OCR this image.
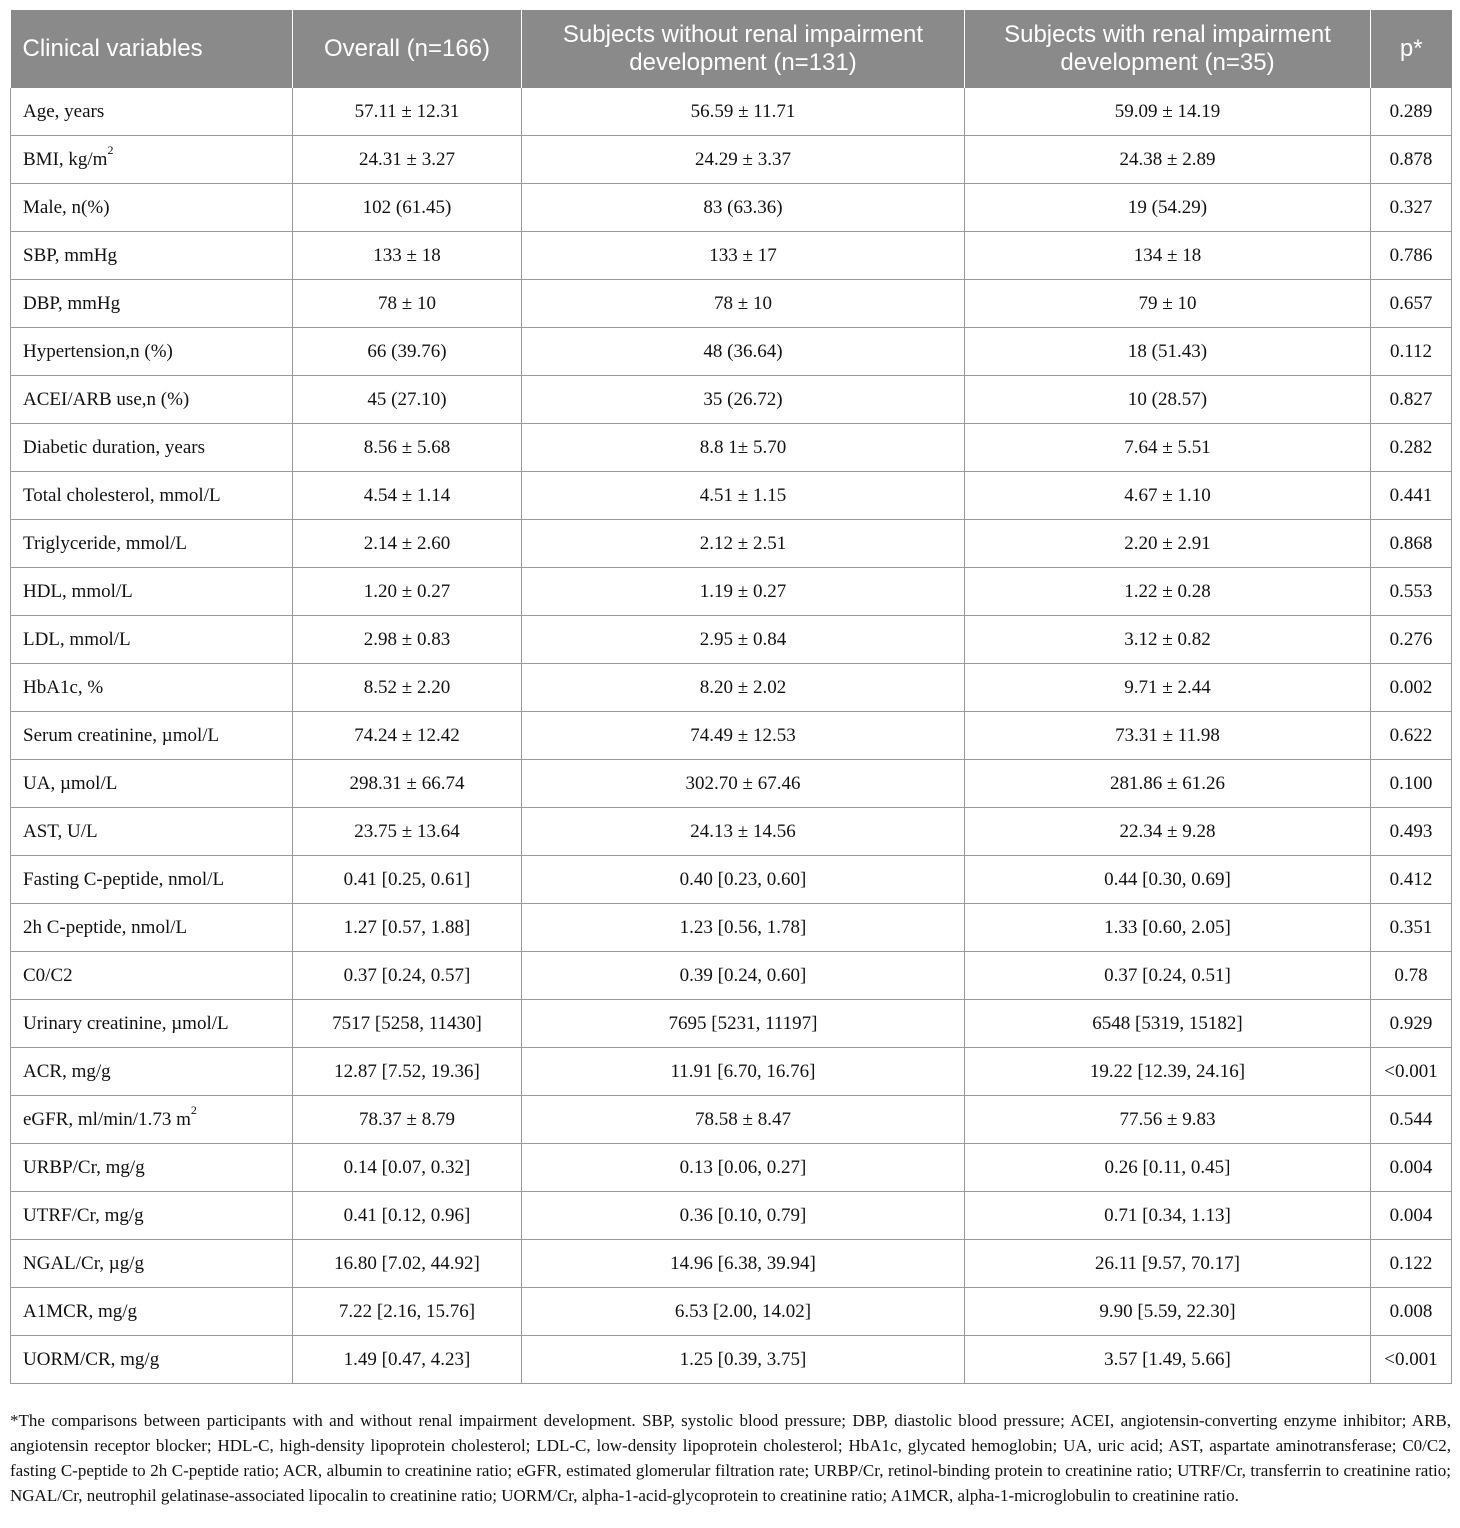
Clinical variables	Overall (n=166)	Subjects without renal impairment development (n=131)	Subjects with renal impairment development (n=35)	p*
Age, years	57.11 ± 12.31	56.59 ± 11.71	59.09 ± 14.19	0.289
BMI, $kg/m^2$	24.31 ± 3.27	24.29 ± 3.37	24.38 ± 2.89	0.878
Male, n(%)	102 (61.45)	83 (63.36)	19 (54.29)	0.327
SBP, mmHg	133 ± 18	133 ± 17	134 ± 18	0.786
DBP, mmHg	78 ± 10	78 ± 10	79 ± 10	0.657
Hypertension,n (%)	66 (39.76)	48 (36.64)	18 (51.43)	0.112
ACEI/ARB use,n (%)	45 (27.10)	35 (26.72)	10 (28.57)	0.827
Diabetic duration, years	8.56 ± 5.68	8.8 1± 5.70	7.64 ± 5.51	0.282
Total cholesterol, mmol/L	4.54 ± 1.14	4.51 ± 1.15	4.67 ± 1.10	0.441
Triglyceride, mmol/L	2.14 ± 2.60	2.12 ± 2.51	2.20 ± 2.91	0.868
HDL, mmol/L	1.20 ± 0.27	1.19 ± 0.27	1.22 ± 0.28	0.553
LDL, mmol/L	2.98 ± 0.83	2.95 ± 0.84	3.12 ± 0.82	0.276
HbA1c, %	8.52 ± 2.20	8.20 ± 2.02	9.71 ± 2.44	0.002
Serum creatinine, µmol/L	74.24 ± 12.42	74.49 ± 12.53	73.31 ± 11.98	0.622
UA, µmol/L	298.31 ± 66.74	302.70 ± 67.46	281.86 ± 61.26	0.100
AST, U/L	23.75 ± 13.64	24.13 ± 14.56	22.34 ± 9.28	0.493
Fasting C-peptide, nmol/L	0.41 [0.25, 0.61]	0.40 [0.23, 0.60]	0.44 [0.30, 0.69]	0.412
2h C-peptide, nmol/L	1.27 [0.57, 1.88]	1.23 [0.56, 1.78]	1.33 [0.60, 2.05]	0.351
C0/C2	0.37 [0.24, 0.57]	0.39 [0.24, 0.60]	0.37 [0.24, 0.51]	0.78
Urinary creatinine, µmol/L	7517 [5258, 11430]	7695 [5231, 11197]	6548 [5319, 15182]	0.929
ACR, mg/g	12.87 [7.52, 19.36]	11.91 [6.70, 16.76]	19.22 [12.39, 24.16]	<0.001
eGFR, ml/min/1.73 $m^2$	78.37 ± 8.79	78.58 ± 8.47	77.56 ± 9.83	0.544
URBP/Cr, mg/g	0.14 [0.07, 0.32]	0.13 [0.06, 0.27]	0.26 [0.11, 0.45]	0.004
UTRF/Cr, mg/g	0.41 [0.12, 0.96]	0.36 [0.10, 0.79]	0.71 [0.34, 1.13]	0.004
NGAL/Cr, µg/g	16.80 [7.02, 44.92]	14.96 [6.38, 39.94]	26.11 [9.57, 70.17]	0.122
A1MCR, mg/g	7.22 [2.16, 15.76]	6.53 [2.00, 14.02]	9.90 [5.59, 22.30]	0.008
UORM/CR, mg/g	1.49 [0.47, 4.23]	1.25 [0.39, 3.75]	3.57 [1.49, 5.66]	<0.001
*The comparisons between participants with and without renal impairment development. SBP, systolic blood pressure; DBP, diastolic blood pressure; ACEI, angiotensin-converting enzyme inhibitor; ARB, angiotensin receptor blocker; HDL-C, high-density lipoprotein cholesterol; LDL-C, low-density lipoprotein cholesterol; HbA1c, glycated hemoglobin; UA, uric acid; AST, aspartate aminotransferase; C0/C2, fasting C-peptide to 2h C-peptide ratio; ACR, albumin to creatinine ratio; eGFR, estimated glomerular filtration rate; URBP/Cr, retinol-binding protein to creatinine ratio; UTRF/Cr, transferrin to creatinine ratio; NGAL/Cr, neutrophil gelatinase-associated lipocalin to creatinine ratio; UORM/Cr, alpha-1-acid-glycoprotein to creatinine ratio; A1MCR, alpha-1-microglobulin to creatinine ratio.
